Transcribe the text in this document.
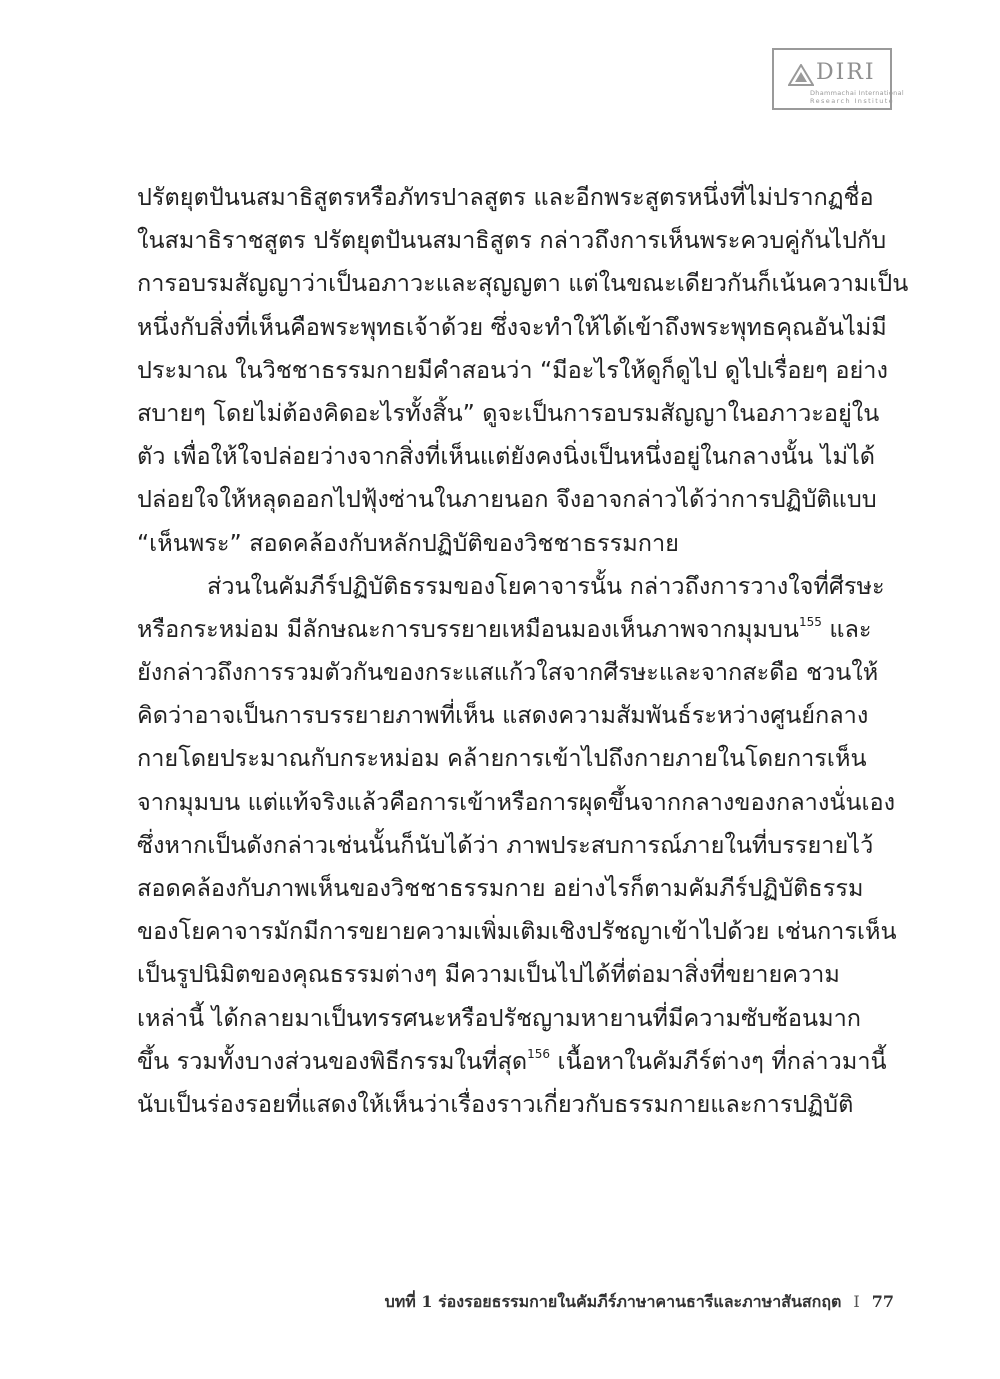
DIRI
Dhammachai International
Research Institute
ปรัตยุตปันนสมาธิสูตรหรือภัทรปาลสูตร และอีกพระสูตรหนึ่งที่ไม่ปรากฏชื่อ
ในสมาธิราชสูตร ปรัตยุตปันนสมาธิสูตร กล่าวถึงการเห็นพระควบคู่กันไปกับ
การอบรมสัญญาว่าเป็นอภาวะและสุญญตา แต่ในขณะเดียวกันก็เน้นความเป็น
หนึ่งกับสิ่งที่เห็นคือพระพุทธเจ้าด้วย ซึ่งจะทำให้ได้เข้าถึงพระพุทธคุณอันไม่มี
ประมาณ ในวิชชาธรรมกายมีคำสอนว่า “มีอะไรให้ดูก็ดูไป ดูไปเรื่อยๆ อย่าง
สบายๆ โดยไม่ต้องคิดอะไรทั้งสิ้น” ดูจะเป็นการอบรมสัญญาในอภาวะอยู่ใน
ตัว เพื่อให้ใจปล่อยว่างจากสิ่งที่เห็นแต่ยังคงนิ่งเป็นหนึ่งอยู่ในกลางนั้น ไม่ได้
ปล่อยใจให้หลุดออกไปฟุ้งซ่านในภายนอก จึงอาจกล่าวได้ว่าการปฏิบัติแบบ
“เห็นพระ” สอดคล้องกับหลักปฏิบัติของวิชชาธรรมกาย
ส่วนในคัมภีร์ปฏิบัติธรรมของโยคาจารนั้น กล่าวถึงการวางใจที่ศีรษะ
หรือกระหม่อม มีลักษณะการบรรยายเหมือนมองเห็นภาพจากมุมบน$^{155}$ และ
ยังกล่าวถึงการรวมตัวกันของกระแสแก้วใสจากศีรษะและจากสะดือ ชวนให้
คิดว่าอาจเป็นการบรรยายภาพที่เห็น แสดงความสัมพันธ์ระหว่างศูนย์กลาง
กายโดยประมาณกับกระหม่อม คล้ายการเข้าไปถึงกายภายในโดยการเห็น
จากมุมบน แต่แท้จริงแล้วคือการเข้าหรือการผุดขึ้นจากกลางของกลางนั่นเอง
ซึ่งหากเป็นดังกล่าวเช่นนั้นก็นับได้ว่า ภาพประสบการณ์ภายในที่บรรยายไว้
สอดคล้องกับภาพเห็นของวิชชาธรรมกาย อย่างไรก็ตามคัมภีร์ปฏิบัติธรรม
ของโยคาจารมักมีการขยายความเพิ่มเติมเชิงปรัชญาเข้าไปด้วย เช่นการเห็น
เป็นรูปนิมิตของคุณธรรมต่างๆ มีความเป็นไปได้ที่ต่อมาสิ่งที่ขยายความ
เหล่านี้ ได้กลายมาเป็นทรรศนะหรือปรัชญามหายานที่มีความซับซ้อนมาก
ขึ้น รวมทั้งบางส่วนของพิธีกรรมในที่สุด$^{156}$ เนื้อหาในคัมภีร์ต่างๆ ที่กล่าวมานี้
นับเป็นร่องรอยที่แสดงให้เห็นว่าเรื่องราวเกี่ยวกับธรรมกายและการปฏิบัติ
บทที่ 1 ร่องรอยธรรมกายในคัมภีร์ภาษาคานธารีและภาษาสันสกฤต I 77
